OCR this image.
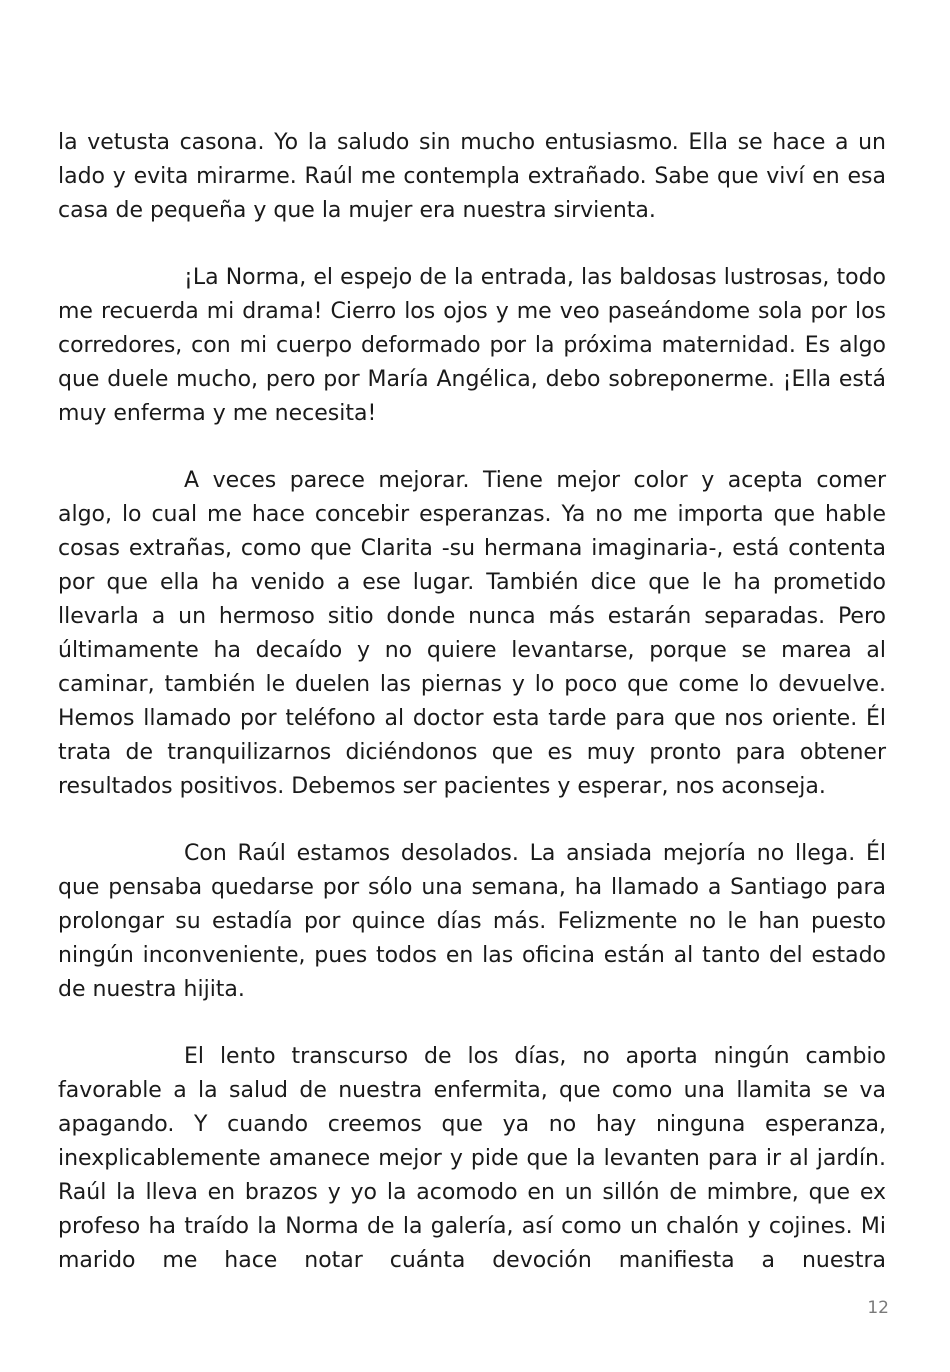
la vetusta casona. Yo la saludo sin mucho entusiasmo. Ella se hace a un lado y evita mirarme. Raúl me contempla extrañado. Sabe que viví en esa casa de pequeña y que la mujer era nuestra sirvienta.

¡La Norma, el espejo de la entrada, las baldosas lustrosas, todo me recuerda mi drama! Cierro los ojos y me veo paseándome sola por los corredores, con mi cuerpo deformado por la próxima maternidad. Es algo que duele mucho, pero por María Angélica, debo sobreponerme. ¡Ella está muy enferma y me necesita!

A veces parece mejorar. Tiene mejor color y acepta comer algo, lo cual me hace concebir esperanzas. Ya no me importa que hable cosas extrañas, como que Clarita -su hermana imaginaria-, está contenta por que ella ha venido a ese lugar. También dice que le ha prometido llevarla a un hermoso sitio donde nunca más estarán separadas. Pero últimamente ha decaído y no quiere levantarse, porque se marea al caminar, también le duelen las piernas y lo poco que come lo devuelve. Hemos llamado por teléfono al doctor esta tarde para que nos oriente. Él trata de tranquilizarnos diciéndonos que es muy pronto para obtener resultados positivos. Debemos ser pacientes y esperar, nos aconseja.

Con Raúl estamos desolados. La ansiada mejoría no llega. Él que pensaba quedarse por sólo una semana, ha llamado a Santiago para prolongar su estadía por quince días más. Felizmente no le han puesto ningún inconveniente, pues todos en las oficina están al tanto del estado de nuestra hijita.

El lento transcurso de los días, no aporta ningún cambio favorable a la salud de nuestra enfermita, que como una llamita se va apagando. Y cuando creemos que ya no hay ninguna esperanza, inexplicablemente amanece mejor y pide que la levanten para ir al jardín. Raúl la lleva en brazos y yo la acomodo en un sillón de mimbre, que ex profeso ha traído la Norma de la galería, así como un chalón y cojines. Mi marido me hace notar cuánta devoción manifiesta a nuestra

12
